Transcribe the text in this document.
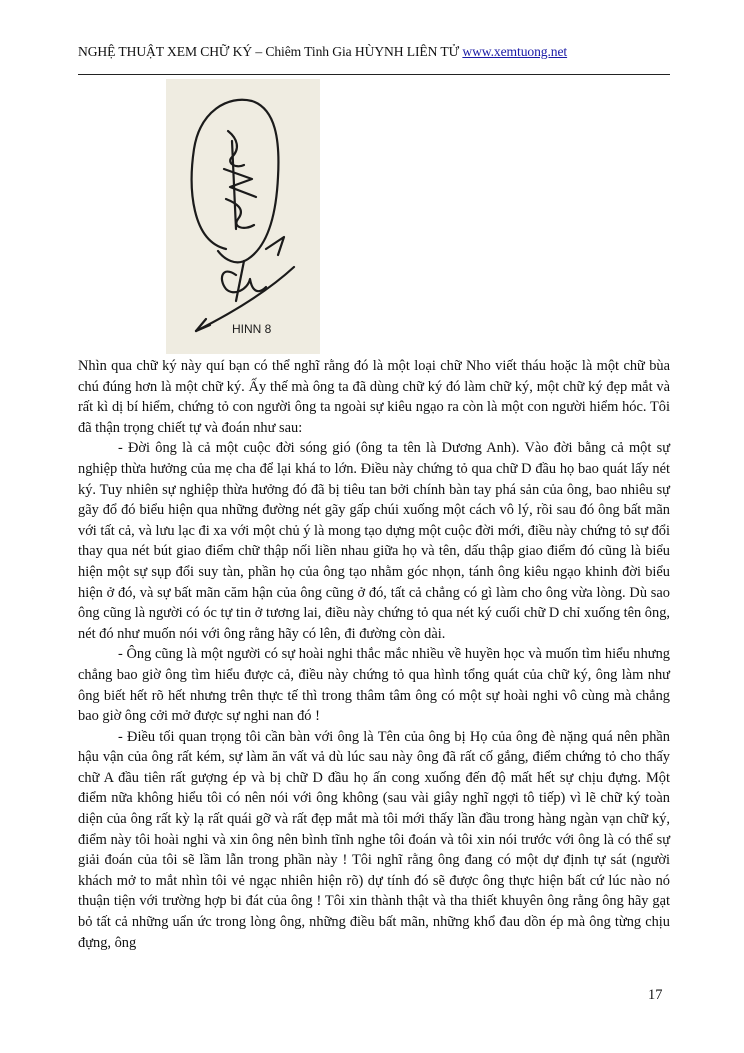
NGHỆ THUẬT XEM CHỮ KÝ – Chiêm Tinh Gia HÙYNH LIÊN TỬ www.xemtuong.net
HINN 8

Nhìn qua chữ ký này quí bạn có thể nghĩ rằng đó là một loại chữ Nho viết tháu hoặc là một chữ bùa chú đúng hơn là một chữ ký. Ấy thế mà ông ta đã dùng chữ ký đó làm chữ ký, một chữ ký đẹp mắt và rất kì dị bí hiểm, chứng tỏ con người ông ta ngoài sự kiêu ngạo ra còn là một con người hiểm hóc. Tôi đã thận trọng chiết tự và đoán như sau:

- Đời ông là cả một cuộc đời sóng gió (ông ta tên là Dương Anh). Vào đời bằng cả một sự nghiệp thừa hưởng của mẹ cha để lại khá to lớn. Điều này chứng tỏ qua chữ D đầu họ bao quát lấy nét ký. Tuy nhiên sự nghiệp thừa hưởng đó đã bị tiêu tan bởi chính bàn tay phá sản của ông, bao nhiêu sự gãy đổ đó biểu hiện qua những đường nét gãy gấp chúi xuống một cách vô lý, rồi sau đó ông bất mãn với tất cả, và lưu lạc đi xa với một chủ ý là mong tạo dựng một cuộc đời mới, điều này chứng tỏ sự đổi thay qua nét bút giao điểm chữ thập nối liền nhau giữa họ và tên, dấu thập giao điểm đó cũng là biểu hiện một sự sụp đổi suy tàn, phần họ của ông tạo nhằm góc nhọn, tánh ông kiêu ngạo khinh đời biểu hiện ở đó, và sự bất mãn căm hận của ông cũng ở đó, tất cả chẳng có gì làm cho ông vừa lòng. Dù sao ông cũng là người có óc tự tin ở tương lai, điều này chứng tỏ qua nét ký cuối chữ D chỉ xuống tên ông, nét đó như muốn nói với ông rằng hãy có lên, đi đường còn dài.

- Ông cũng là một người có sự hoài nghi thắc mắc nhiều về huyền học và muốn tìm hiểu nhưng chẳng bao giờ ông tìm hiểu được cả, điều này chứng tỏ qua hình tổng quát của chữ ký, ông làm như ông biết hết rõ hết nhưng trên thực tế thì trong thâm tâm ông có một sự hoài nghi vô cùng mà chẳng bao giờ ông cởi mở được sự nghi nan đó !

- Điều tối quan trọng tôi cần bàn với ông là Tên của ông bị Họ của ông đè nặng quá nên phần hậu vận của ông rất kém, sự làm ăn vất vả dù lúc sau này ông đã rất cố gắng, điểm chứng tỏ cho thấy chữ A đầu tiên rất gượng ép và bị chữ D đầu họ ấn cong xuống đến độ mất hết sự chịu đựng. Một điểm nữa không hiểu tôi có nên nói với ông không (sau vài giây nghĩ ngợi tô tiếp) vì lẽ chữ ký toàn diện của ông rất kỳ lạ rất quái gỡ và rất đẹp mắt mà tôi mới thấy lần đầu trong hàng ngàn vạn chữ ký, điểm này tôi hoài nghi và xin ông nên bình tĩnh nghe tôi đoán và tôi xin nói trước với ông là có thể sự giải đoán của tôi sẽ lầm lẫn trong phần này ! Tôi nghĩ rằng ông đang có một dự định tự sát (người khách mở to mắt nhìn tôi vẻ ngạc nhiên hiện rõ) dự tính đó sẽ được ông thực hiện bất cứ lúc nào nó thuận tiện với trường hợp bi đát của ông ! Tôi xin thành thật và tha thiết khuyên ông rằng ông hãy gạt bỏ tất cả những uẩn ức trong lòng ông, những điều bất mãn, những khổ đau dồn ép mà ông từng chịu đựng, ông

17
